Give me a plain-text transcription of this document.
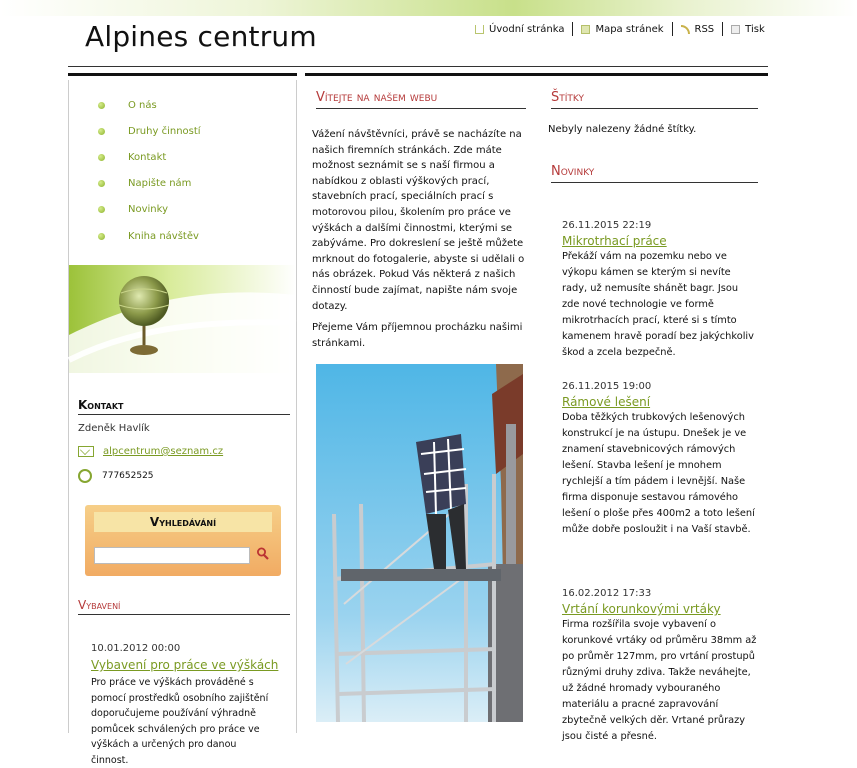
Alpines centrum	Úvodní stránka	Mapa stránek	RSS	Tisk
O nás
Druhy činností
Kontakt
Napište nám
Novinky
Kniha návštěv
Kontakt
Zdeněk Havlík
alpcentrum@seznam.cz
777652525
Vyhledávání
Vybavení
10.01.2012 00:00
Vybavení pro práce ve výškách
Pro práce ve výškách prováděné s pomocí prostředků osobního zajištění doporučujeme používání výhradně pomůcek schválených pro práce ve výškách a určených pro danou činnost.
Vítejte na našem webu

Vážení návštěvníci, právě se nacházíte na našich firemních stránkách. Zde máte možnost seznámit se s naší firmou a nabídkou z oblasti výškových prací, stavebních prací, speciálních prací s motorovou pilou, školením pro práce ve výškách a dalšími činnostmi, kterými se zabýváme. Pro dokreslení se ještě můžete mrknout do fotogalerie, abyste si udělali o nás obrázek. Pokud Vás některá z našich činností bude zajímat, napište nám svoje dotazy.

Přejeme Vám příjemnou procházku našimi stránkami.

Štítky
Nebyly nalezeny žádné štítky.
Novinky
26.11.2015 22:19
Mikrotrhací práce
Překáží vám na pozemku nebo ve výkopu kámen se kterým si nevíte rady, už nemusíte shánět bagr. Jsou zde nové technologie ve formě mikrotrhacích prací, které si s tímto kamenem hravě poradí bez jakýchkoliv škod a zcela bezpečně.
26.11.2015 19:00
Rámové lešení
Doba těžkých trubkových lešenových konstrukcí je na ústupu. Dnešek je ve znamení stavebnicových rámových lešení. Stavba lešení je mnohem rychlejší a tím pádem i levnější. Naše firma disponuje sestavou rámového lešení o ploše přes 400m2 a toto lešení může dobře posloužit i na Vaší stavbě.
16.02.2012 17:33
Vrtání korunkovými vrtáky
Firma rozšířila svoje vybavení o korunkové vrtáky od průměru 38mm až po průměr 127mm, pro vrtání prostupů různými druhy zdiva. Takže neváhejte, už žádné hromady vybouraného materiálu a pracné zapravování zbytečně velkých děr. Vrtané průrazy jsou čisté a přesné.
